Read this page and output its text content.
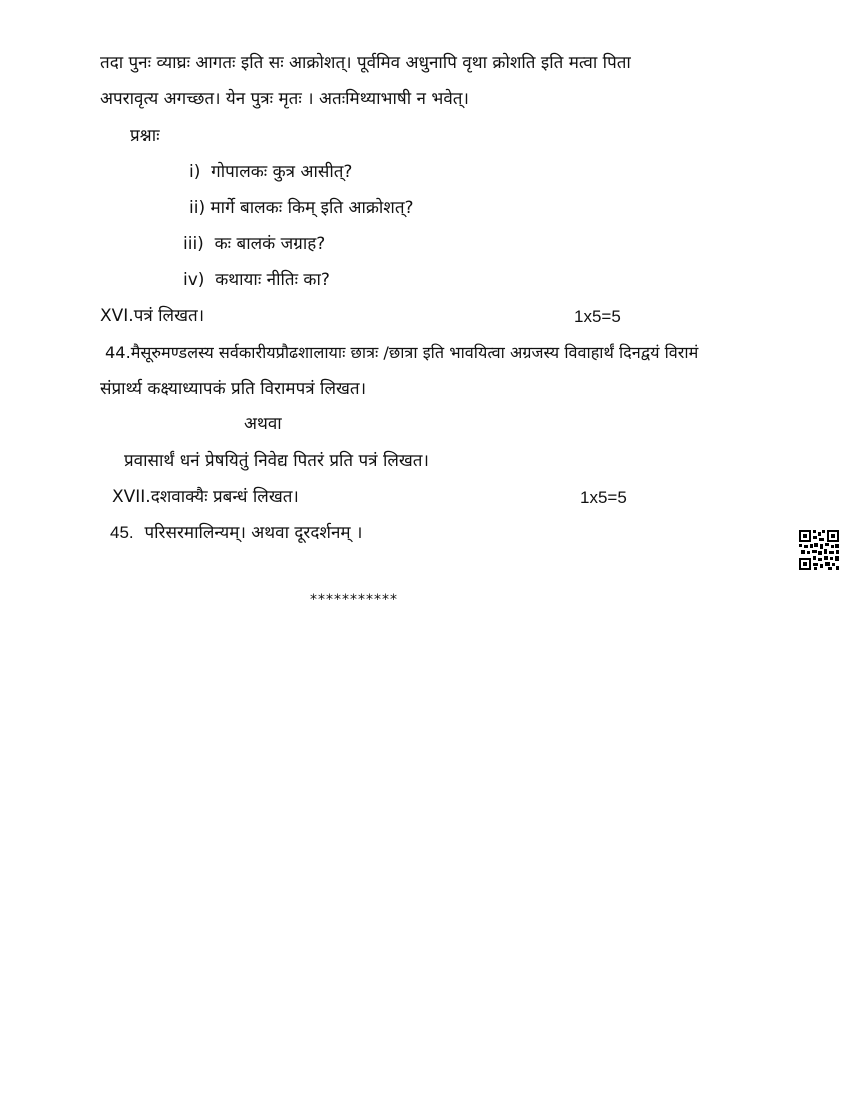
तदा पुनः व्याघ्रः आगतः इति सः आक्रोशत्। पूर्वमिव अधुनापि वृथा क्रोशति इति मत्वा पिता
अपरावृत्य अगच्छत। येन पुत्रः मृतः । अतःमिथ्याभाषी न भवेत्।
प्रश्नाः
i) गोपालकः कुत्र आसीत्?
ii) मार्गे बालकः किम् इति आक्रोशत्?
iii) कः बालकं जग्राह?
iv) कथायाः नीतिः का?
XVI.पत्रं लिखत।	1x5=5
44.मैसूरुमण्डलस्य सर्वकारीयप्रौढशालायाः छात्रः /छात्रा इति भावयित्वा अग्रजस्य विवाहार्थं दिनद्वयं विरामं
संप्रार्थ्य कक्ष्याध्यापकं प्रति विरामपत्रं लिखत।
अथवा
प्रवासार्थं धनं प्रेषयितुं निवेद्य पितरं प्रति पत्रं लिखत।
XVII.दशवाक्यैः प्रबन्धं लिखत।	1x5=5
45. परिसरमालिन्यम्। अथवा दूरदर्शनम् ।
***********
